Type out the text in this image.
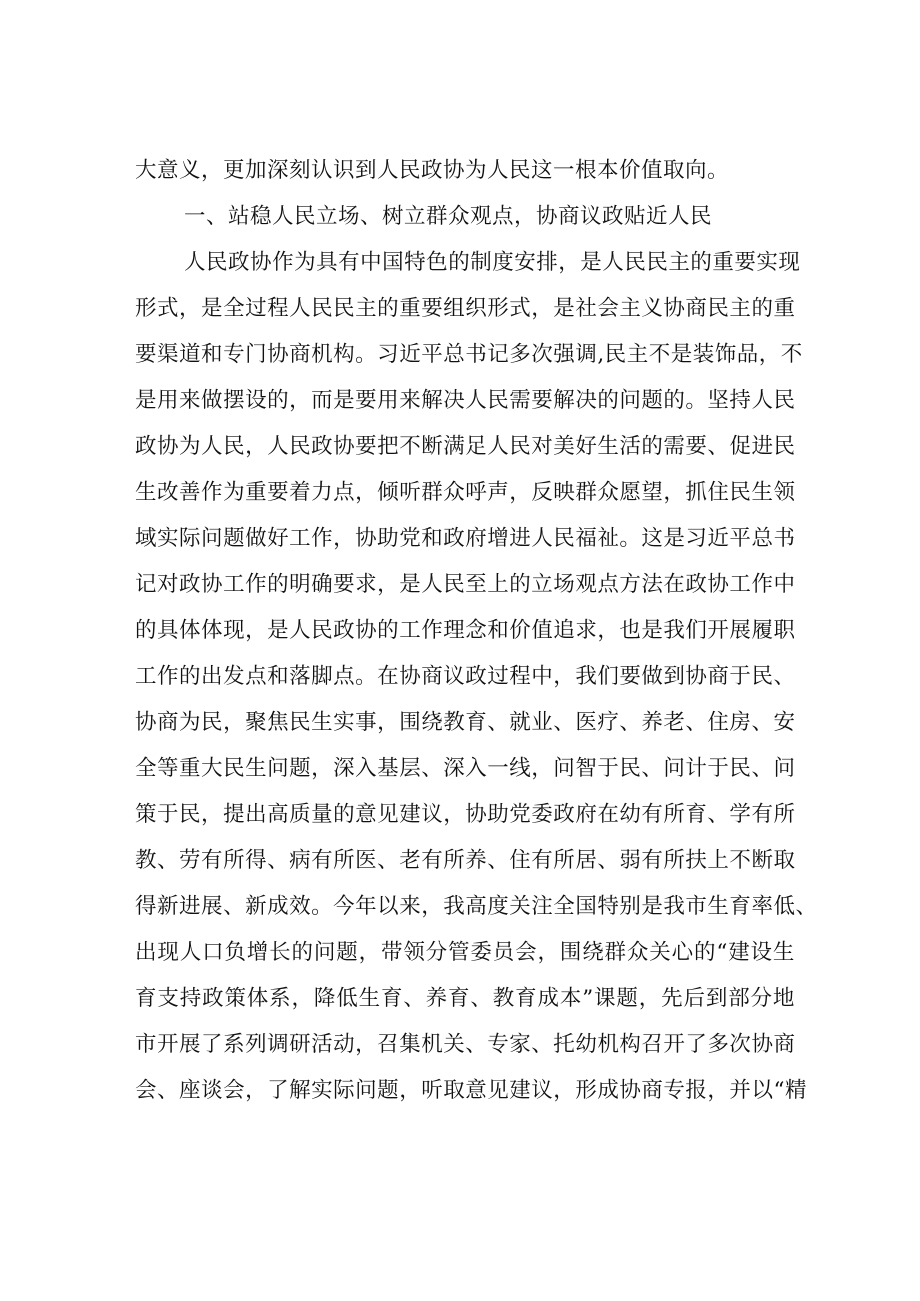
大意义，更加深刻认识到人民政协为人民这一根本价值取向。
一、站稳人民立场、树立群众观点，协商议政贴近人民
人 民 政 协 作 为 具 有 中 国 特 色 的 制 度 安 排 ， 是 人 民 民 主 的 重 要 实 现
形 式 ， 是 全 过 程 人 民 民 主 的 重 要 组 织 形 式 ， 是 社 会 主 义 协 商 民 主 的 重
要 渠 道 和 专 门 协 商 机 构 。 习 近 平 总 书 记 多 次 强 调 , 民 主 不 是 装 饰 品 ， 不
是 用 来 做 摆 设 的 ， 而 是 要 用 来 解 决 人 民 需 要 解 决 的 问 题 的 。 坚 持 人 民
政 协 为 人 民 ， 人 民 政 协 要 把 不 断 满 足 人 民 对 美 好 生 活 的 需 要 、 促 进 民
生 改 善 作 为 重 要 着 力 点 ， 倾 听 群 众 呼 声 ， 反 映 群 众 愿 望 ， 抓 住 民 生 领
域 实 际 问 题 做 好 工 作 ， 协 助 党 和 政 府 增 进 人 民 福 祉 。 这 是 习 近 平 总 书
记 对 政 协 工 作 的 明 确 要 求 ， 是 人 民 至 上 的 立 场 观 点 方 法 在 政 协 工 作 中
的 具 体 体 现 ， 是 人 民 政 协 的 工 作 理 念 和 价 值 追 求 ， 也 是 我 们 开 展 履 职
工 作 的 出 发 点 和 落 脚 点 。 在 协 商 议 政 过 程 中 ， 我 们 要 做 到 协 商 于 民 、
协 商 为 民 ， 聚 焦 民 生 实 事 ， 围 绕 教 育 、 就 业 、 医 疗 、 养 老 、 住 房 、 安
全 等 重 大 民 生 问 题 ， 深 入 基 层 、 深 入 一 线 ， 问 智 于 民 、 问 计 于 民 、 问
策 于 民 ， 提 出 高 质 量 的 意 见 建 议 ， 协 助 党 委 政 府 在 幼 有 所 育 、 学 有 所
教 、 劳 有 所 得 、 病 有 所 医 、 老 有 所 养 、 住 有 所 居 、 弱 有 所 扶 上 不 断 取
得 新 进 展 、 新 成 效 。 今 年 以 来 ， 我 高 度 关 注 全 国 特 别 是 我 市 生 育 率 低 、
出 现 人 口 负 增 长 的 问 题 ， 带 领 分 管 委 员 会 ， 围 绕 群 众 关 心 的 “ 建 设 生
育 支 持 政 策 体 系 ， 降 低 生 育 、 养 育 、 教 育 成 本 ” 课 题 ， 先 后 到 部 分 地
市 开 展 了 系 列 调 研 活 动 ， 召 集 机 关 、 专 家 、 托 幼 机 构 召 开 了 多 次 协 商
会 、 座 谈 会 ， 了 解 实 际 问 题 ， 听 取 意 见 建 议 ， 形 成 协 商 专 报 ， 并 以 “ 精
